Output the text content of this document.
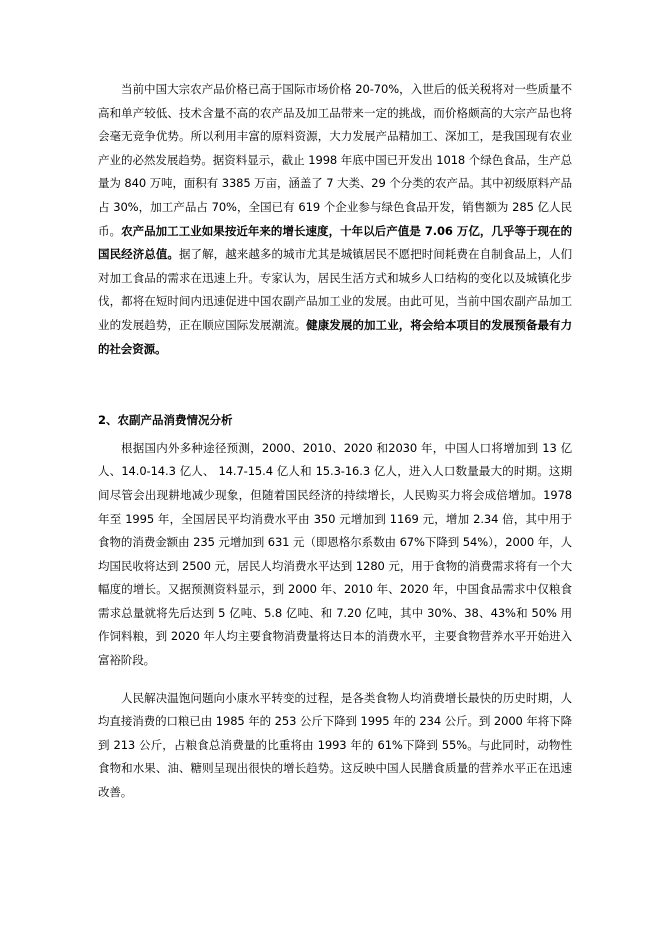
当前中国大宗农产品价格已高于国际市场价格 20-70%，入世后的低关税将对一些质量不高和单产较低、技术含量不高的农产品及加工品带来一定的挑战，而价格颇高的大宗产品也将会毫无竞争优势。所以利用丰富的原料资源，大力发展产品精加工、深加工，是我国现有农业产业的必然发展趋势。据资料显示，截止 1998 年底中国已开发出 1018 个绿色食品，生产总量为 840 万吨，面积有 3385 万亩，涵盖了 7 大类、29 个分类的农产品。其中初级原料产品占 30%，加工产品占 70%，全国已有 619 个企业参与绿色食品开发，销售额为 285 亿人民币。农产品加工工业如果按近年来的增长速度，十年以后产值是 7.06 万亿，几乎等于现在的国民经济总值。据了解，越来越多的城市尤其是城镇居民不愿把时间耗费在自制食品上，人们对加工食品的需求在迅速上升。专家认为，居民生活方式和城乡人口结构的变化以及城镇化步伐，都将在短时间内迅速促进中国农副产品加工业的发展。由此可见，当前中国农副产品加工业的发展趋势，正在顺应国际发展潮流。健康发展的加工业，将会给本项目的发展预备最有力的社会资源。

2、农副产品消费情况分析

根据国内外多种途径预测，2000、2010、2020 和2030 年，中国人口将增加到 13 亿人、14.0-14.3 亿人、 14.7-15.4 亿人和 15.3-16.3 亿人，进入人口数量最大的时期。这期间尽管会出现耕地减少现象，但随着国民经济的持续增长，人民购买力将会成倍增加。1978 年至 1995 年，全国居民平均消费水平由 350 元增加到 1169 元，增加 2.34 倍，其中用于食物的消费金额由 235 元增加到 631 元（即恩格尔系数由 67%下降到 54%），2000 年，人均国民收将达到 2500 元，居民人均消费水平达到 1280 元，用于食物的消费需求将有一个大幅度的增长。又据预测资料显示，到 2000 年、2010 年、2020 年，中国食品需求中仅粮食需求总量就将先后达到 5 亿吨、5.8 亿吨、和 7.20 亿吨，其中 30%、38、43%和 50% 用作饲料粮，到 2020 年人均主要食物消费量将达日本的消费水平，主要食物营养水平开始进入富裕阶段。

人民解决温饱问题向小康水平转变的过程，是各类食物人均消费增长最快的历史时期，人均直接消费的口粮已由 1985 年的 253 公斤下降到 1995 年的 234 公斤。到 2000 年将下降到 213 公斤，占粮食总消费量的比重将由 1993 年的 61%下降到 55%。与此同时，动物性食物和水果、油、糖则呈现出很快的增长趋势。这反映中国人民膳食质量的营养水平正在迅速改善。
